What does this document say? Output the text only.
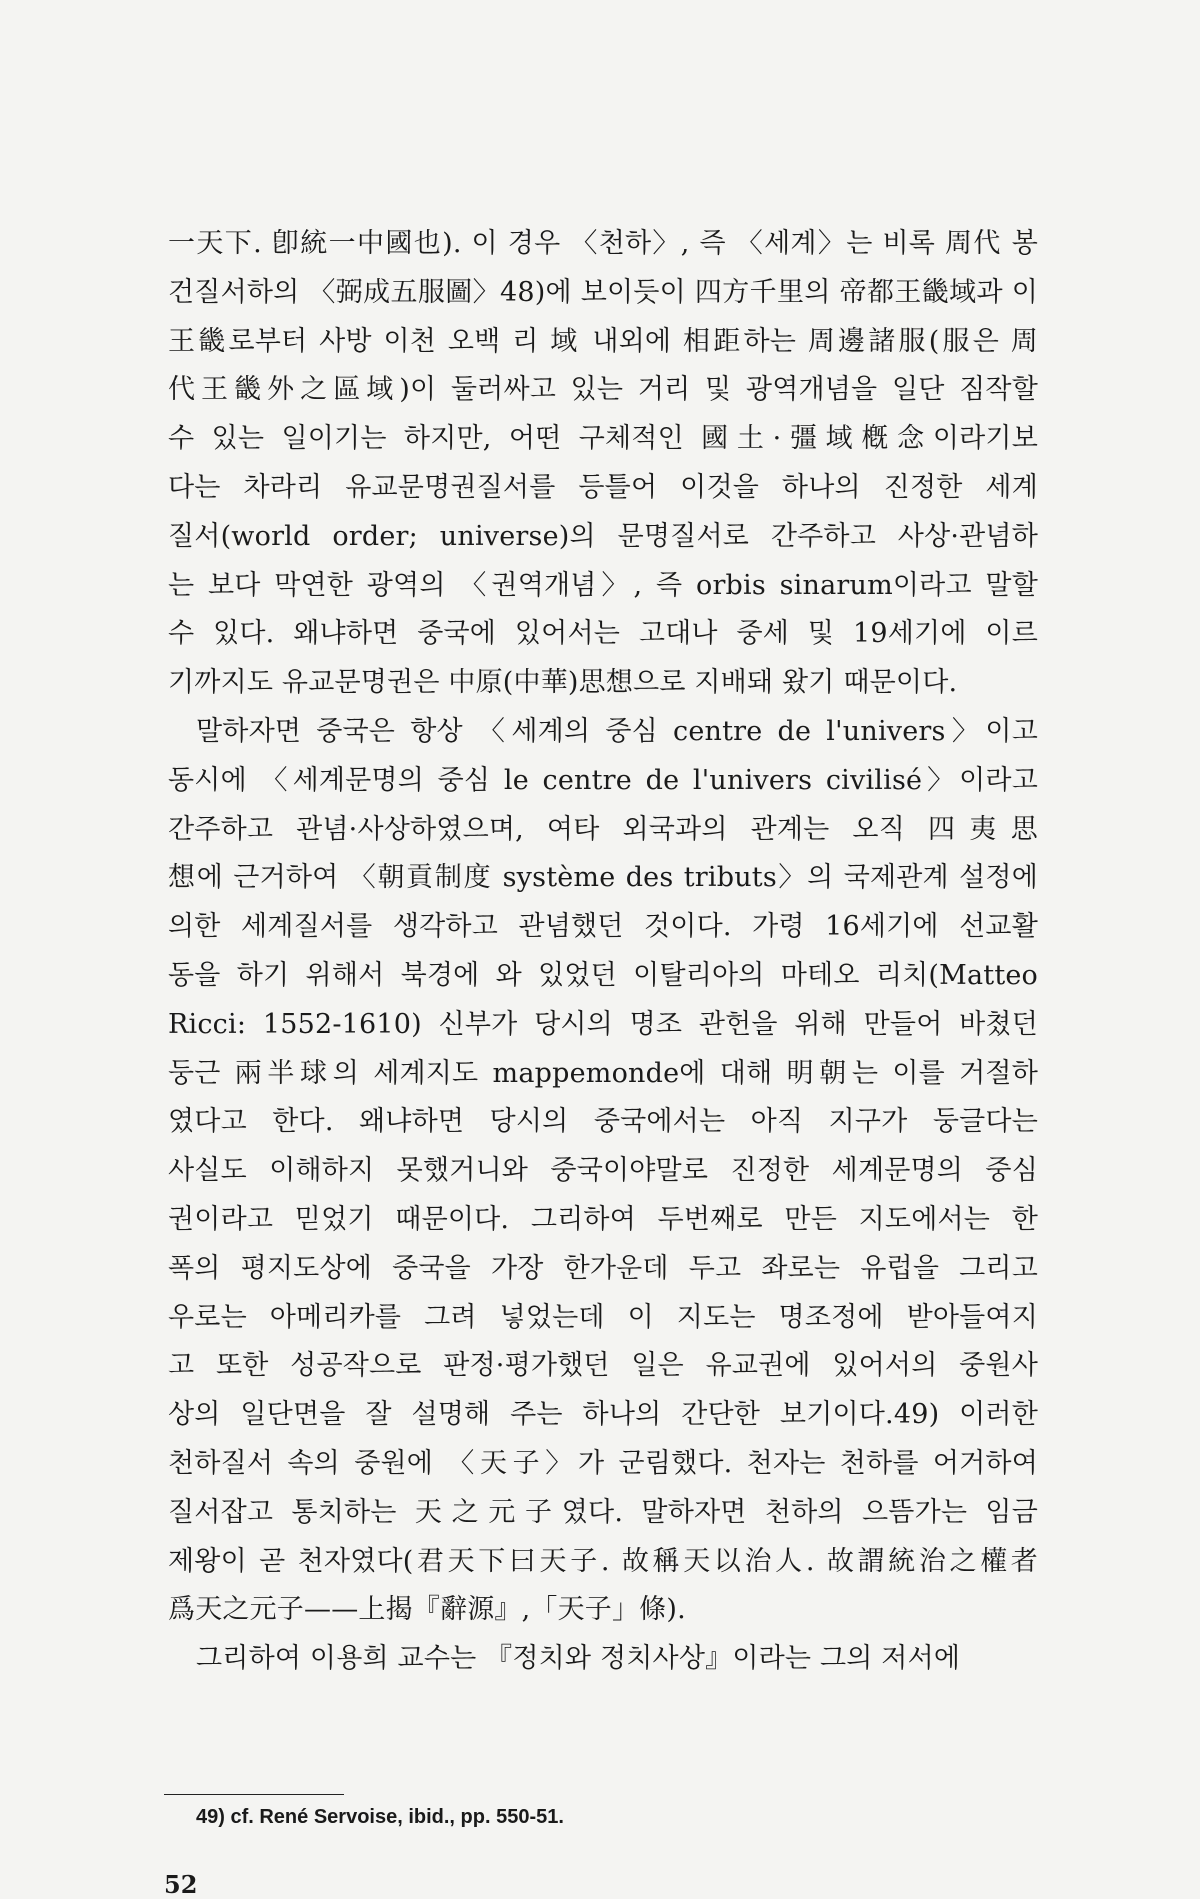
一天下. 卽統一中國也). 이 경우 〈천하〉, 즉 〈세계〉는 비록 周代 봉
건질서하의 〈弼成五服圖〉48)에 보이듯이 四方千里의 帝都王畿域과 이
王畿로부터 사방 이천 오백 리 域 내외에 相距하는 周邊諸服(服은 周
代王畿外之區域)이 둘러싸고 있는 거리 및 광역개념을 일단 짐작할
수 있는 일이기는 하지만, 어떤 구체적인 國土·彊域槪念이라기보
다는 차라리 유교문명권질서를 등틀어 이것을 하나의 진정한 세계
질서(world order; universe)의 문명질서로 간주하고 사상·관념하
는 보다 막연한 광역의 〈권역개념〉, 즉 orbis sinarum이라고 말할
수 있다. 왜냐하면 중국에 있어서는 고대나 중세 및 19세기에 이르
기까지도 유교문명권은 中原(中華)思想으로 지배돼 왔기 때문이다.
말하자면 중국은 항상 〈세계의 중심 centre de l'univers〉이고
동시에 〈세계문명의 중심 le centre de l'univers civilisé〉이라고
간주하고 관념·사상하였으며, 여타 외국과의 관계는 오직 四夷思
想에 근거하여 〈朝貢制度 système des tributs〉의 국제관계 설정에
의한 세계질서를 생각하고 관념했던 것이다. 가령 16세기에 선교활
동을 하기 위해서 북경에 와 있었던 이탈리아의 마테오 리치(Matteo
Ricci: 1552-1610) 신부가 당시의 명조 관헌을 위해 만들어 바쳤던
둥근 兩半球의 세계지도 mappemonde에 대해 明朝는 이를 거절하
였다고 한다. 왜냐하면 당시의 중국에서는 아직 지구가 둥글다는
사실도 이해하지 못했거니와 중국이야말로 진정한 세계문명의 중심
권이라고 믿었기 때문이다. 그리하여 두번째로 만든 지도에서는 한
폭의 평지도상에 중국을 가장 한가운데 두고 좌로는 유럽을 그리고
우로는 아메리카를 그려 넣었는데 이 지도는 명조정에 받아들여지
고 또한 성공작으로 판정·평가했던 일은 유교권에 있어서의 중원사
상의 일단면을 잘 설명해 주는 하나의 간단한 보기이다.49) 이러한
천하질서 속의 중원에 〈天子〉가 군림했다. 천자는 천하를 어거하여
질서잡고 통치하는 天之元子였다. 말하자면 천하의 으뜸가는 임금
제왕이 곧 천자였다(君天下曰天子. 故稱天以治人. 故謂統治之權者
爲天之元子——上揭『辭源』,「天子」條).
그리하여 이용희 교수는 『정치와 정치사상』이라는 그의 저서에
49) cf. René Servoise, ibid., pp. 550-51.
52
